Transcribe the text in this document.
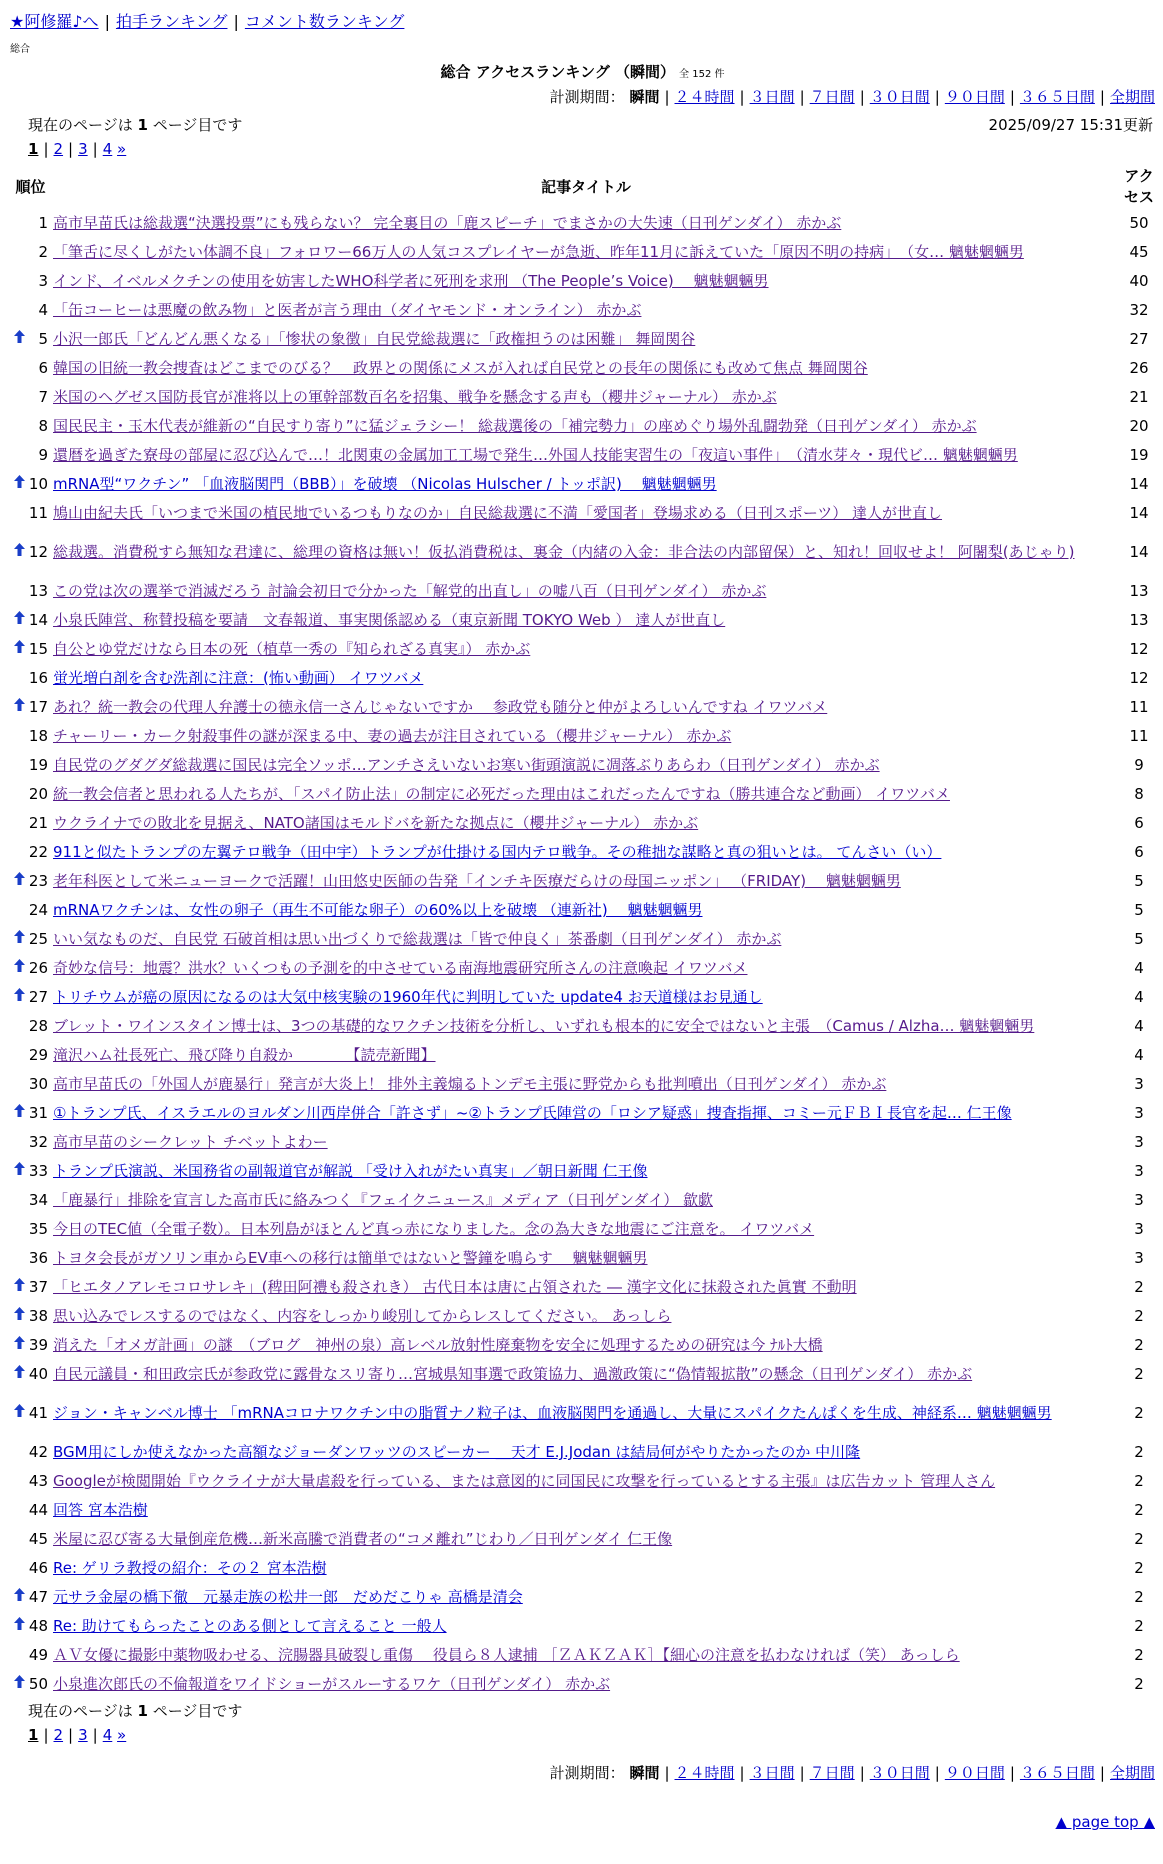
★阿修羅♪へ | 拍手ランキング | コメント数ランキング
総合
総合 アクセスランキング （瞬間） 全 152 件
計測期間： 瞬間 | ２４時間 | ３日間 | ７日間 | ３０日間 | ９０日間 | ３６５日間 | 全期間
現在のページは 1 ページ目です	2025/09/27 15:31更新
1 | 2 | 3 | 4 »
順位		記事タイトル	アクセス
	1	高市早苗氏は総裁選“決選投票”にも残らない？ 完全裏目の「鹿スピーチ」でまさかの大失速（日刊ゲンダイ） 赤かぶ	50
	2	「筆舌に尽くしがたい体調不良」フォロワー66万人の人気コスプレイヤーが急逝、昨年11月に訴えていた「原因不明の持病」　（女… 魑魅魍魎男	45
	3	インド、イベルメクチンの使用を妨害したWHO科学者に死刑を求刑 （The People’s Voice)　 魑魅魍魎男	40
	4	「缶コーヒーは悪魔の飲み物」と医者が言う理由（ダイヤモンド・オンライン） 赤かぶ	32
	5	小沢一郎氏「どんどん悪くなる」「惨状の象徴」自民党総裁選に「政権担うのは困難」 舞岡関谷	27
	6	韓国の旧統一教会捜査はどこまでのびる？　政界との関係にメスが入れば自民党との長年の関係にも改めて焦点 舞岡関谷	26
	7	米国のヘグゼス国防長官が准将以上の軍幹部数百名を招集、戦争を懸念する声も（櫻井ジャーナル） 赤かぶ	21
	8	国民民主・玉木代表が維新の“自民すり寄り”に猛ジェラシー！ 総裁選後の「補完勢力」の座めぐり場外乱闘勃発（日刊ゲンダイ） 赤かぶ	20
	9	還暦を過ぎた寮母の部屋に忍び込んで…！北関東の金属加工工場で発生…外国人技能実習生の「夜這い事件」　（清水芽々・現代ビ… 魑魅魍魎男	19
	10	mRNA型“ワクチン” 「血液脳関門（BBB）」を破壊 （Nicolas Hulscher / トッポ訳)　 魑魅魍魎男	14
	11	鳩山由紀夫氏「いつまで米国の植民地でいるつもりなのか」自民総裁選に不満「愛国者」登場求める（日刊スポーツ） 達人が世直し	14
	12	総裁選。消費税すら無知な君達に、総理の資格は無い！仮払消費税は、裏金（内緒の入金：非合法の内部留保）と、知れ！回収せよ！ 阿闍梨(あじゃり)	14
	13	この党は次の選挙で消滅だろう 討論会初日で分かった「解党的出直し」の嘘八百（日刊ゲンダイ） 赤かぶ	13
	14	小泉氏陣営、称賛投稿を要請　文春報道、事実関係認める（東京新聞 TOKYO Web ） 達人が世直し	13
	15	自公とゆ党だけなら日本の死（植草一秀の『知られざる真実』） 赤かぶ	12
	16	蛍光増白剤を含む洗剤に注意：(怖い動画） イワツバメ	12
	17	あれ？統一教会の代理人弁護士の徳永信一さんじゃないですか　 参政党も随分と仲がよろしいんですね イワツバメ	11
	18	チャーリー・カーク射殺事件の謎が深まる中、妻の過去が注目されている（櫻井ジャーナル） 赤かぶ	11
	19	自民党のグダグダ総裁選に国民は完全ソッポ…アンチさえいないお寒い街頭演説に凋落ぶりあらわ（日刊ゲンダイ） 赤かぶ	9
	20	統一教会信者と思われる人たちが、「スパイ防止法」の制定に必死だった理由はこれだったんですね（勝共連合など動画） イワツバメ	8
	21	ウクライナでの敗北を見据え、NATO諸国はモルドバを新たな拠点に（櫻井ジャーナル） 赤かぶ	6
	22	911と似たトランプの左翼テロ戦争（田中宇）トランプが仕掛ける国内テロ戦争。その稚拙な謀略と真の狙いとは。 てんさい（い）	6
	23	老年科医として米ニューヨークで活躍！山田悠史医師の告発「インチキ医療だらけの母国ニッポン」 （FRIDAY)　 魑魅魍魎男	5
	24	mRNAワクチンは、女性の卵子（再生不可能な卵子）の60%以上を破壊 （連新社)　 魑魅魍魎男	5
	25	いい気なものだ、自民党 石破首相は思い出づくりで総裁選は「皆で仲良く」茶番劇（日刊ゲンダイ） 赤かぶ	5
	26	奇妙な信号：地震？洪水？いくつもの予測を的中させている南海地震研究所さんの注意喚起 イワツバメ	4
	27	トリチウムが癌の原因になるのは大気中核実験の1960年代に判明していた update4 お天道様はお見通し	4
	28	ブレット・ワインスタイン博士は、3つの基礎的なワクチン技術を分析し、いずれも根本的に安全ではないと主張　（Camus / Alzha… 魑魅魍魎男	4
	29	滝沢ハム社長死亡、飛び降り自殺か　　　　【読売新聞】	4
	30	高市早苗氏の「外国人が鹿暴行」発言が大炎上！ 排外主義煽るトンデモ主張に野党からも批判噴出（日刊ゲンダイ） 赤かぶ	3
	31	①トランプ氏、イスラエルのヨルダン川西岸併合「許さず」~②トランプ氏陣営の「ロシア疑惑」捜査指揮、コミー元ＦＢＩ長官を起… 仁王像	3
	32	高市早苗のシークレット チベットよわー	3
	33	トランプ氏演説、米国務省の副報道官が解説 「受け入れがたい真実」／朝日新聞 仁王像	3
	34	「鹿暴行」排除を宣言した高市氏に絡みつく『フェイクニュース』メディア（日刊ゲンダイ） 歙歔	3
	35	今日のTEC値（全電子数）。日本列島がほとんど真っ赤になりました。念の為大きな地震にご注意を。 イワツバメ	3
	36	トヨタ会長がガソリン車からEV車への移行は簡単ではないと警鐘を鳴らす　 魑魅魍魎男	3
	37	「ヒエタノアレモコロサレキ」(稗田阿禮も殺されき） 古代日本は唐に占領された ― 漢字文化に抹殺された眞實 不動明	2
	38	思い込みでレスするのではなく、内容をしっかり峻別してからレスしてください。 あっしら	2
	39	消えた「オメガ計画」の謎　（ブログ　神州の泉）高レベル放射性廃棄物を安全に処理するための研究は今 ﾅﾙﾄ大橋	2
	40	自民元議員・和田政宗氏が参政党に露骨なスリ寄り…宮城県知事選で政策協力、過激政策に“偽情報拡散”の懸念（日刊ゲンダイ） 赤かぶ	2
	41	ジョン・キャンベル博士 「mRNAコロナワクチン中の脂質ナノ粒子は、血液脳関門を通過し、大量にスパイクたんぱくを生成、神経系… 魑魅魍魎男	2
	42	BGM用にしか使えなかった高額なジョーダンワッツのスピーカー ＿天才 E.J.Jodan は結局何がやりたかったのか 中川隆	2
	43	Googleが検閲開始『ウクライナが大量虐殺を行っている、または意図的に同国民に攻撃を行っているとする主張』は広告カット 管理人さん	2
	44	回答 宮本浩樹	2
	45	米屋に忍び寄る大量倒産危機…新米高騰で消費者の“コメ離れ”じわり／日刊ゲンダイ 仁王像	2
	46	Re: ゲリラ教授の紹介：その２ 宮本浩樹	2
	47	元サラ金屋の橋下徹　元暴走族の松井一郎　だめだこりゃ 高橋是清会	2
	48	Re: 助けてもらったことのある側として言えること 一般人	2
	49	ＡＶ女優に撮影中薬物吸わせる、浣腸器具破裂し重傷　 役員ら８人逮捕 ［ＺＡＫＺＡＫ］【細心の注意を払わなければ（笑） あっしら	2
	50	小泉進次郎氏の不倫報道をワイドショーがスルーするワケ（日刊ゲンダイ） 赤かぶ	2
現在のページは 1 ページ目です
1 | 2 | 3 | 4 »
計測期間： 瞬間 | ２４時間 | ３日間 | ７日間 | ３０日間 | ９０日間 | ３６５日間 | 全期間
▲ page top ▲
